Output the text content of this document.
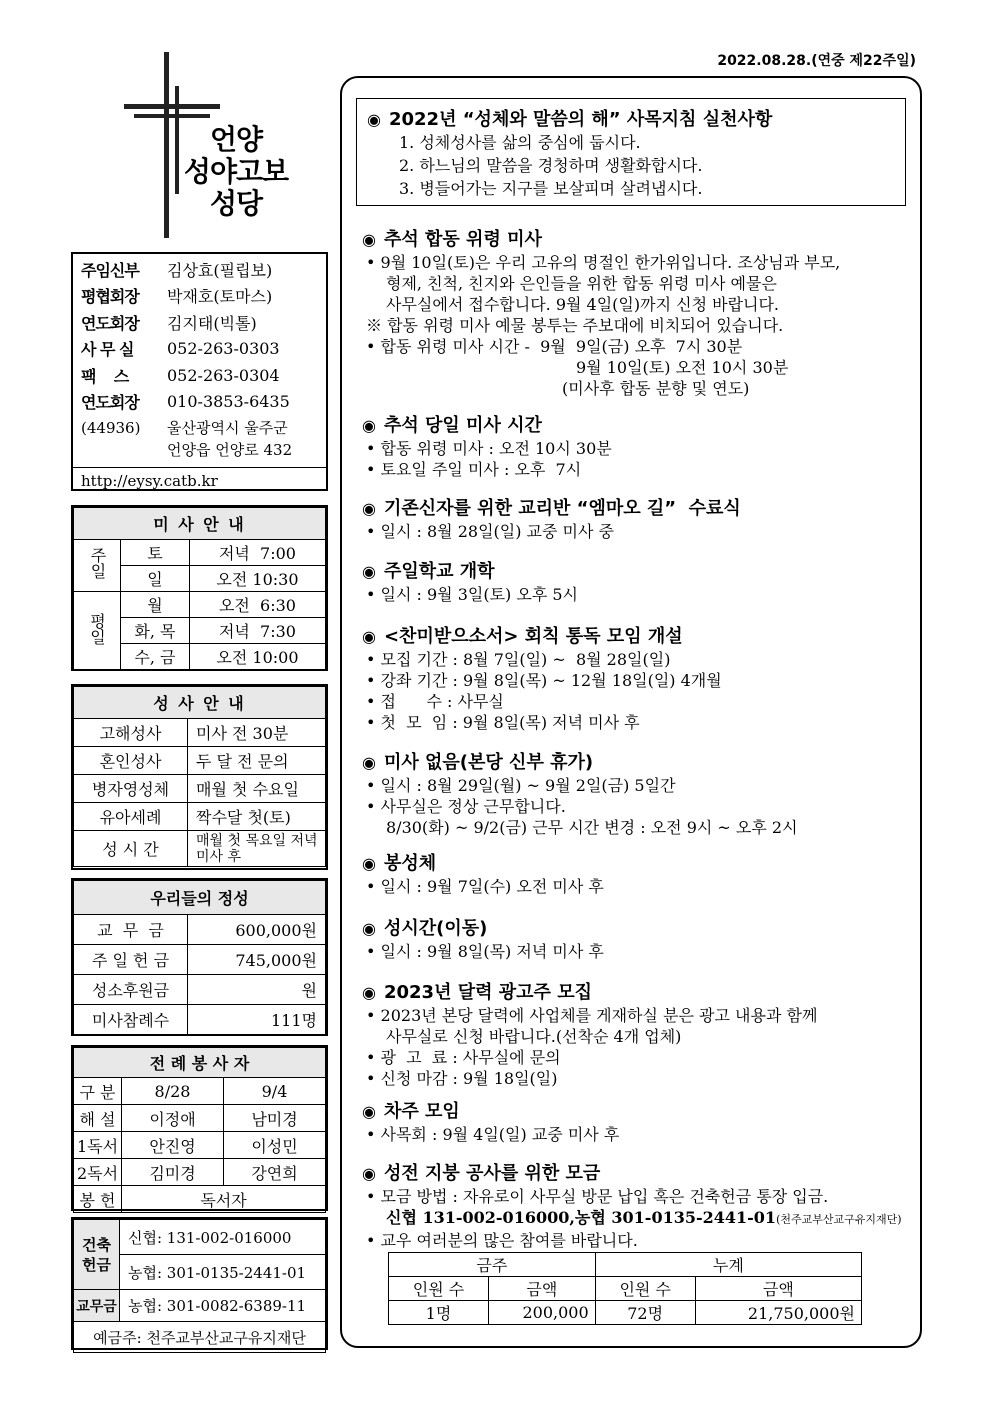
2022.08.28.(연중 제22주일)
언양
성야고보
성당
주임신부	김상효(필립보)
평협회장	박재호(토마스)
연도회장	김지태(빅톨)
사 무 실	052-263-0303
팩    스	052-263-0304
연도회장	010-3853-6435
(44936)	울산광역시 울주군
언양읍 언양로 432
http://eysy.catb.kr
미 사 안 내		
주일	토	저녁  7:00
	일	오전 10:30
평일	월	오전  6:30
	화, 목	저녁  7:30
	수, 금	오전 10:00
성 사 안 내	
고해성사	미사 전 30분
혼인성사	두 달 전 문의
병자영성체	매월 첫 수요일
유아세례	짝수달 첫(토)
성 시 간	매월 첫 목요일 저녁미사 후
우리들의 정성	
교  무  금	600,000원
주 일 헌 금	745,000원
성소후원금	원
미사참례수	111명
전 례 봉 사 자		
구 분	8/28	9/4
해 설	이정애	남미경
1독서	안진영	이성민
2독서	김미경	강연희
봉 헌	독서자	
건축헌금	신협: 131-002-016000
	농협: 301-0135-2441-01
교무금	농협: 301-0082-6389-11
예금주: 천주교부산교구유지재단	
◉ 2022년 “성체와 말씀의 해” 사목지침 실천사항
1. 성체성사를 삶의 중심에 둡시다.
2. 하느님의 말씀을 경청하며 생활화합시다.
3. 병들어가는 지구를 보살피며 살려냅시다.
◉ 추석 합동 위령 미사
• 9월 10일(토)은 우리 고유의 명절인 한가위입니다. 조상님과 부모,
형제, 친척, 친지와 은인들을 위한 합동 위령 미사 예물은
사무실에서 접수합니다. 9월 4일(일)까지 신청 바랍니다.
※ 합동 위령 미사 예물 봉투는 주보대에 비치되어 있습니다.
• 합동 위령 미사 시간 -  9월  9일(금) 오후  7시 30분
9월 10일(토) 오전 10시 30분
(미사후 합동 분향 및 연도)
◉ 추석 당일 미사 시간
• 합동 위령 미사 : 오전 10시 30분
• 토요일 주일 미사 : 오후  7시
◉ 기존신자를 위한 교리반 “엠마오 길”  수료식
• 일시 : 8월 28일(일) 교중 미사 중
◉ 주일학교 개학
• 일시 : 9월 3일(토) 오후 5시
◉ <찬미받으소서> 회칙 통독 모임 개설
• 모집 기간 : 8월 7일(일) ~  8월 28일(일)
• 강좌 기간 : 9월 8일(목) ~ 12월 18일(일) 4개월
• 접      수 : 사무실
• 첫  모  임 : 9월 8일(목) 저녁 미사 후
◉ 미사 없음(본당 신부 휴가)
• 일시 : 8월 29일(월) ~ 9월 2일(금) 5일간
• 사무실은 정상 근무합니다.
8/30(화) ~ 9/2(금) 근무 시간 변경 : 오전 9시 ~ 오후 2시
◉ 봉성체
• 일시 : 9월 7일(수) 오전 미사 후
◉ 성시간(이동)
• 일시 : 9월 8일(목) 저녁 미사 후
◉ 2023년 달력 광고주 모집
• 2023년 본당 달력에 사업체를 게재하실 분은 광고 내용과 함께
사무실로 신청 바랍니다.(선착순 4개 업체)
• 광  고  료 : 사무실에 문의
• 신청 마감 : 9월 18일(일)
◉ 차주 모임
• 사목회 : 9월 4일(일) 교중 미사 후
◉ 성전 지붕 공사를 위한 모금
• 모금 방법 : 자유로이 사무실 방문 납입 혹은 건축헌금 통장 입금.
신협 131-002-016000,농협 301-0135-2441-01(천주교부산교구유지재단)
• 교우 여러분의 많은 참여를 바랍니다.
금주		누계	
인원 수	금액	인원 수	금액
1명	200,000	72명	21,750,000원
